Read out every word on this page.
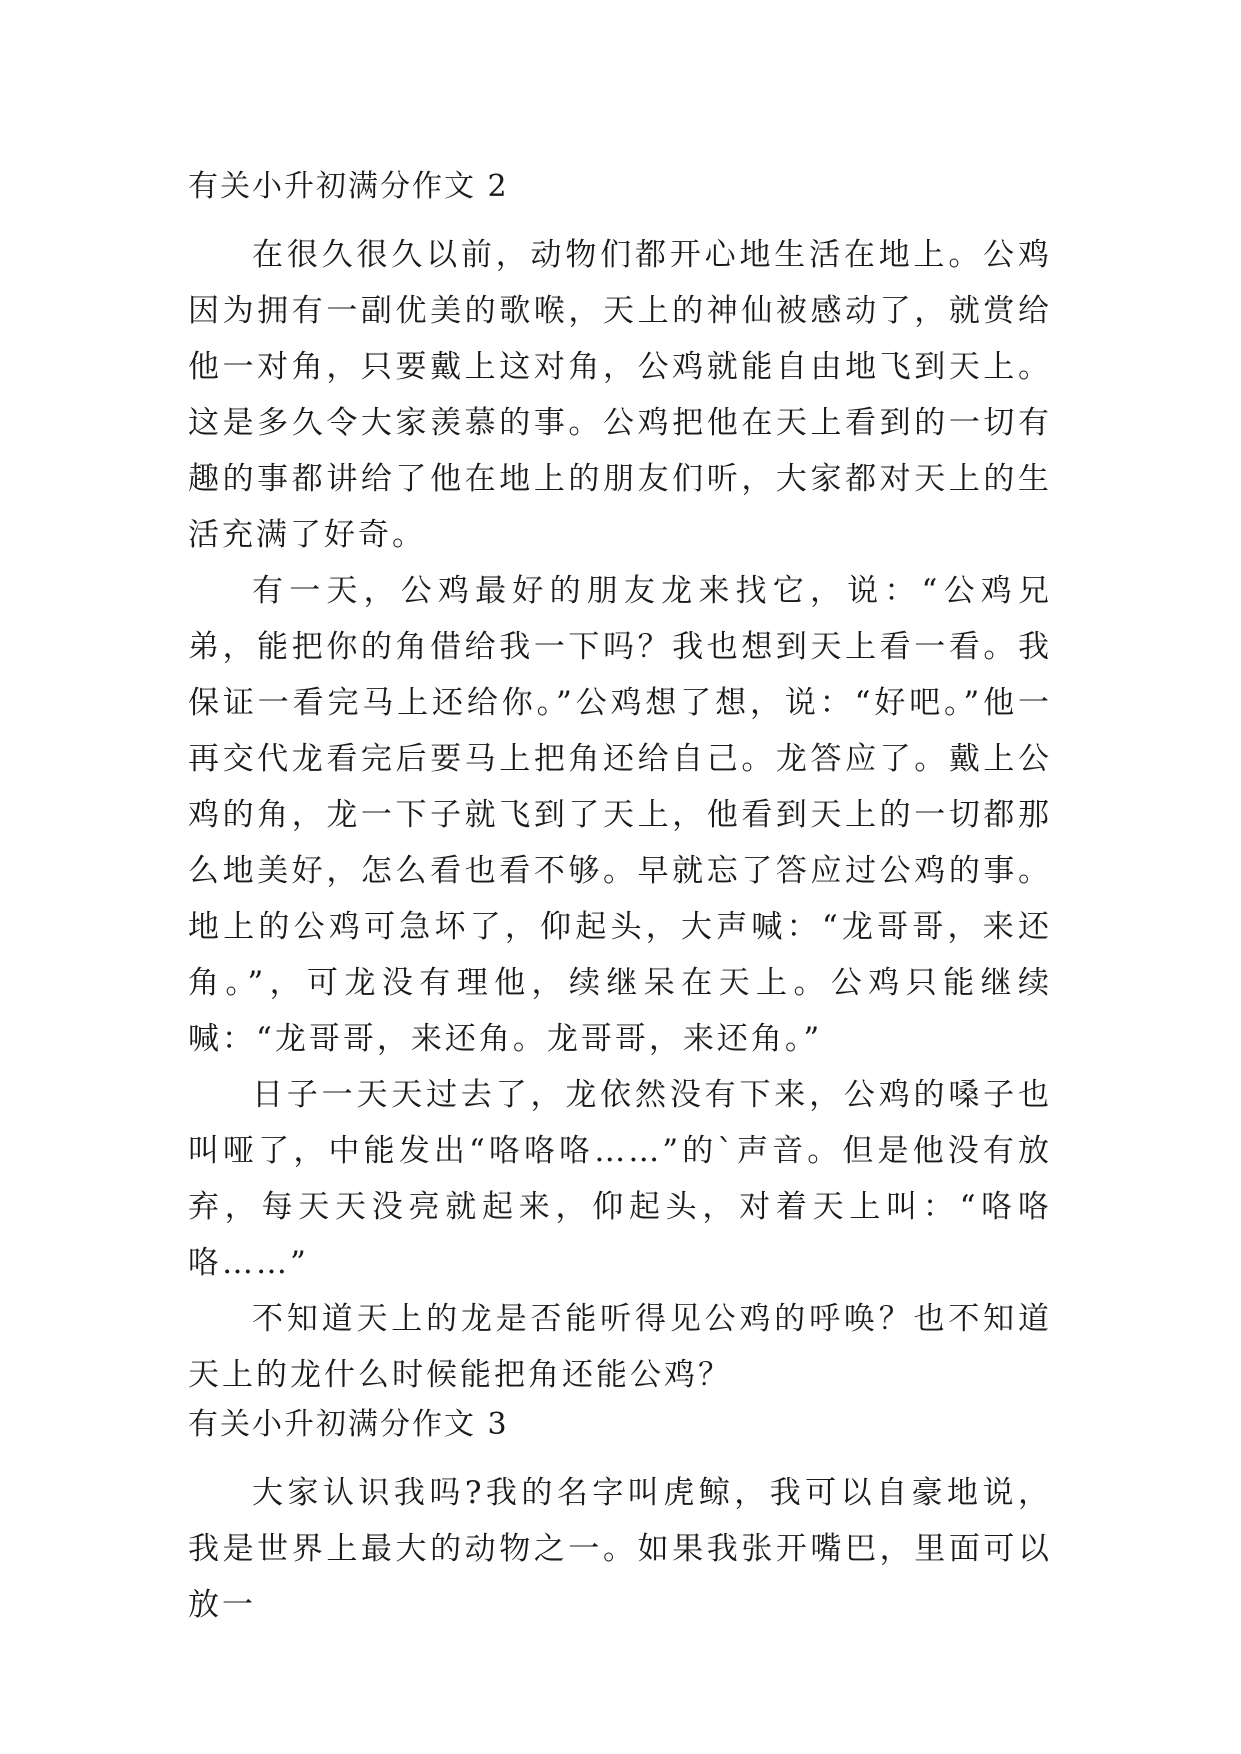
有关小升初满分作文 2

在很久很久以前，动物们都开心地生活在地上。公鸡因为拥有一副优美的歌喉，天上的神仙被感动了，就赏给他一对角，只要戴上这对角，公鸡就能自由地飞到天上。这是多久令大家羡慕的事。公鸡把他在天上看到的一切有趣的事都讲给了他在地上的朋友们听，大家都对天上的生活充满了好奇。

有一天，公鸡最好的朋友龙来找它，说：“公鸡兄弟，能把你的角借给我一下吗？我也想到天上看一看。我保证一看完马上还给你。”公鸡想了想，说：“好吧。”他一再交代龙看完后要马上把角还给自己。龙答应了。戴上公鸡的角，龙一下子就飞到了天上，他看到天上的一切都那么地美好，怎么看也看不够。早就忘了答应过公鸡的事。地上的公鸡可急坏了，仰起头，大声喊：“龙哥哥，来还角。”，可龙没有理他，续继呆在天上。公鸡只能继续喊：“龙哥哥，来还角。龙哥哥，来还角。”

日子一天天过去了，龙依然没有下来，公鸡的嗓子也叫哑了，中能发出“咯咯咯……”的`声音。但是他没有放弃，每天天没亮就起来，仰起头，对着天上叫：“咯咯咯……”

不知道天上的龙是否能听得见公鸡的呼唤？也不知道天上的龙什么时候能把角还能公鸡？

有关小升初满分作文 3

大家认识我吗?我的名字叫虎鲸，我可以自豪地说，我是世界上最大的动物之一。如果我张开嘴巴，里面可以放一
